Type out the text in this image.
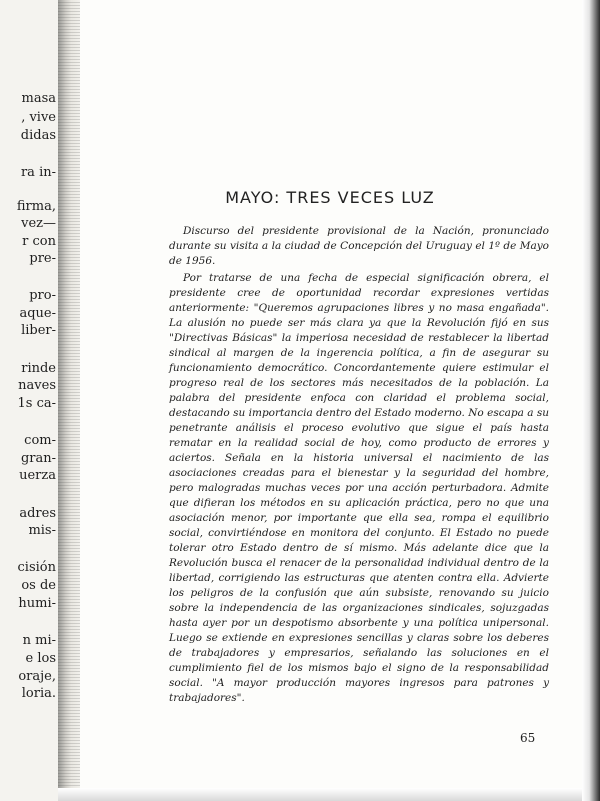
masa
, vive
didas
ra in-
firma,
vez—
r con
pre-
pro-
aque-
liber-
rinde
naves
1s ca-
com-
gran-
uerza
adres
mis-
cisión
os de
humi-
n mi-
e los
oraje,
loria.
MAYO: TRES VECES LUZ

Discurso del presidente provisional de la Nación, pronunciado durante su visita a la ciudad de Concepción del Uruguay el 1º de Mayo de 1956.

Por tratarse de una fecha de especial significación obrera, el presidente cree de oportunidad recordar expresiones vertidas anteriormente: "Queremos agrupaciones libres y no masa engañada". La alusión no puede ser más clara ya que la Revolución fijó en sus "Directivas Básicas" la imperiosa necesidad de restablecer la libertad sindical al margen de la ingerencia política, a fin de asegurar su funcionamiento democrático. Concordantemente quiere estimular el progreso real de los sectores más necesitados de la población. La palabra del presidente enfoca con claridad el problema social, destacando su importancia dentro del Estado moderno. No escapa a su penetrante análisis el proceso evolutivo que sigue el país hasta rematar en la realidad social de hoy, como producto de errores y aciertos. Señala en la historia universal el nacimiento de las asociaciones creadas para el bienestar y la seguridad del hombre, pero malogradas muchas veces por una acción perturbadora. Admite que difieran los métodos en su aplicación práctica, pero no que una asociación menor, por importante que ella sea, rompa el equilibrio social, convirtiéndose en monitora del conjunto. El Estado no puede tolerar otro Estado dentro de sí mismo. Más adelante dice que la Revolución busca el renacer de la personalidad individual dentro de la libertad, corrigiendo las estructuras que atenten contra ella. Advierte los peligros de la confusión que aún subsiste, renovando su juicio sobre la independencia de las organizaciones sindicales, sojuzgadas hasta ayer por un despotismo absorbente y una política unipersonal. Luego se extiende en expresiones sencillas y claras sobre los deberes de trabajadores y empresarios, señalando las soluciones en el cumplimiento fiel de los mismos bajo el signo de la responsabilidad social. "A mayor producción mayores ingresos para patrones y trabajadores".

65
